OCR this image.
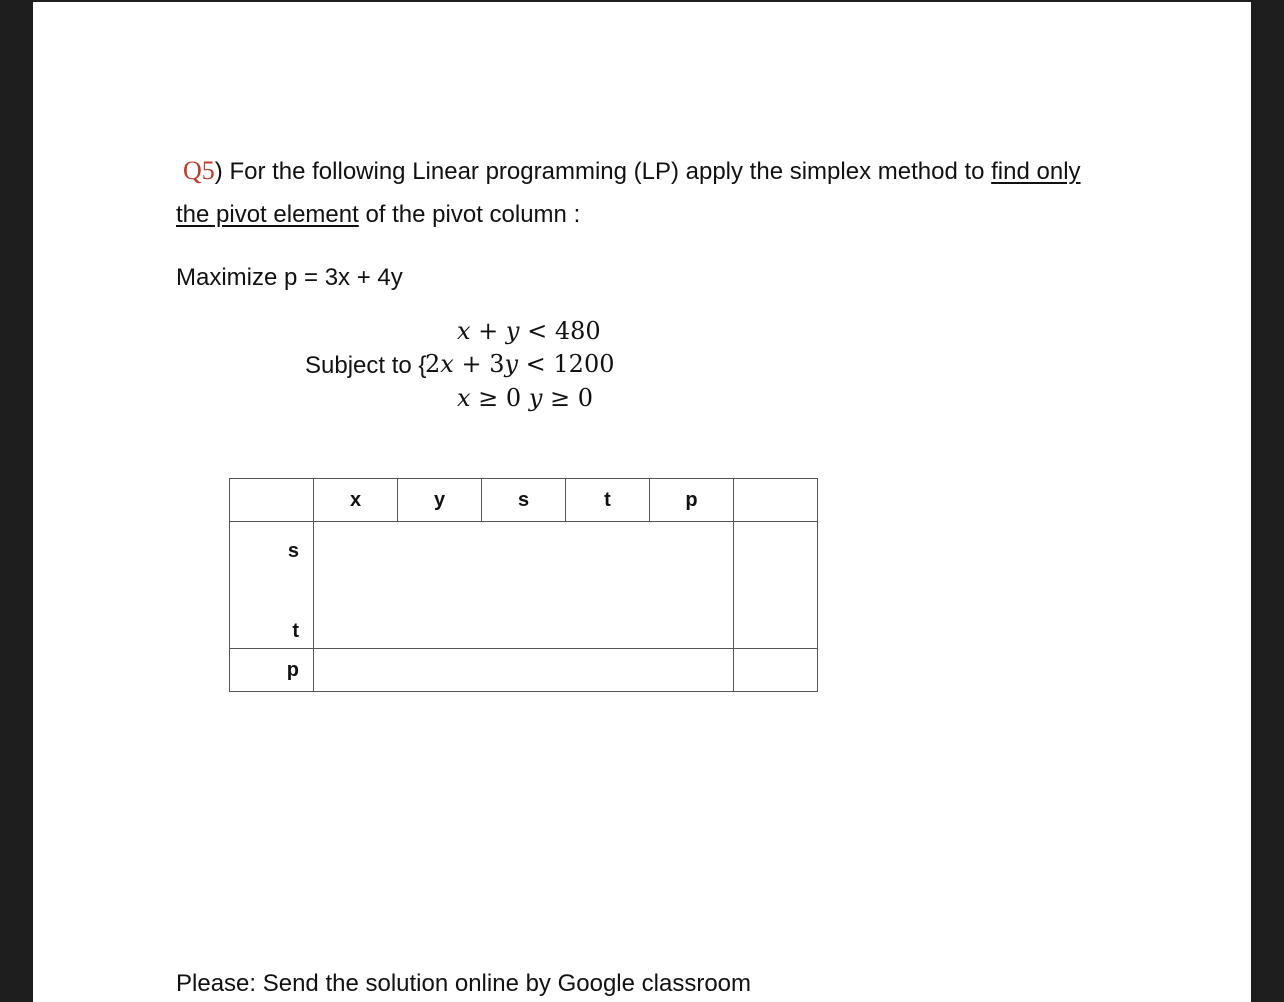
Q5) For the following Linear programming (LP) apply the simplex method to find only
the pivot element of the pivot column :
Maximize p = 3x + 4y
x + y < 480
Subject to {
2x + 3y < 1200
x ≥ 0 y ≥ 0
	x	y	s	t	p	

s
t						

p						
Please: Send the solution online by Google classroom
